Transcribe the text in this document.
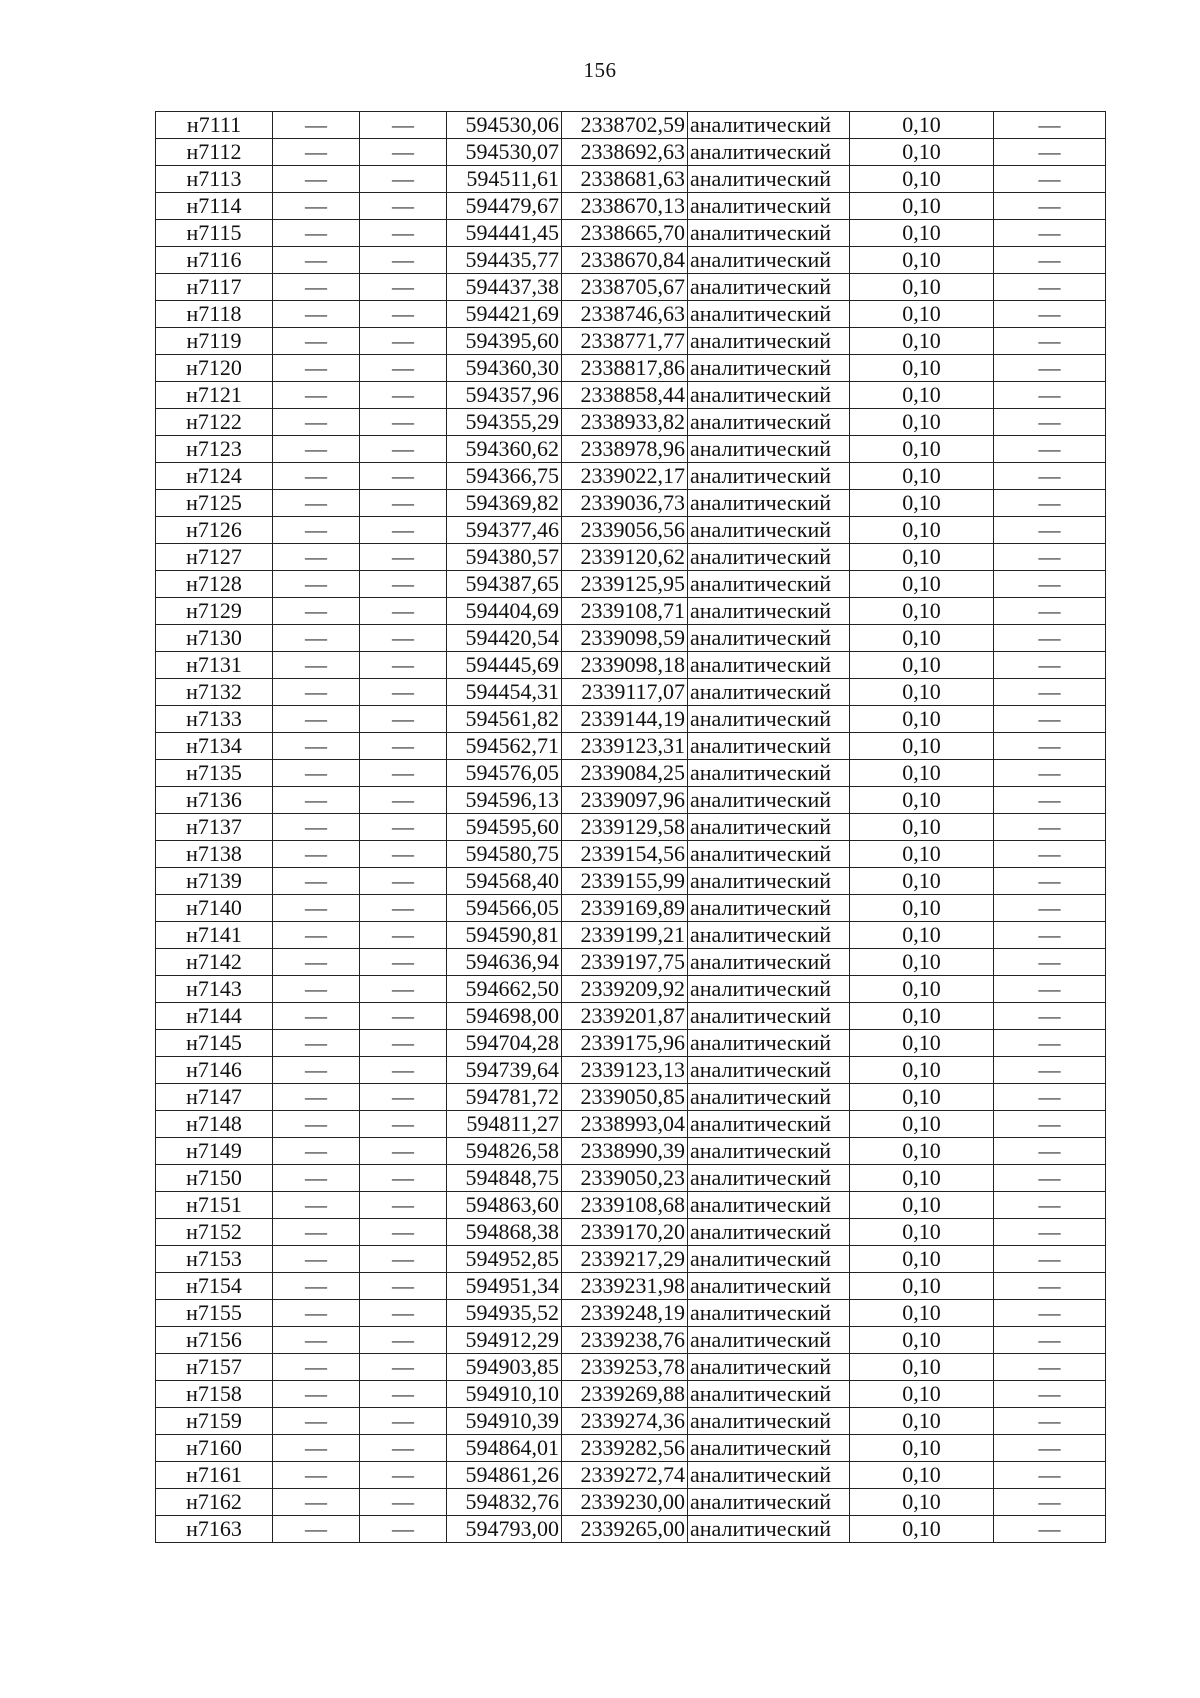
156
н7111	—	—	594530,06	2338702,59	аналитический	0,10	—
н7112	—	—	594530,07	2338692,63	аналитический	0,10	—
н7113	—	—	594511,61	2338681,63	аналитический	0,10	—
н7114	—	—	594479,67	2338670,13	аналитический	0,10	—
н7115	—	—	594441,45	2338665,70	аналитический	0,10	—
н7116	—	—	594435,77	2338670,84	аналитический	0,10	—
н7117	—	—	594437,38	2338705,67	аналитический	0,10	—
н7118	—	—	594421,69	2338746,63	аналитический	0,10	—
н7119	—	—	594395,60	2338771,77	аналитический	0,10	—
н7120	—	—	594360,30	2338817,86	аналитический	0,10	—
н7121	—	—	594357,96	2338858,44	аналитический	0,10	—
н7122	—	—	594355,29	2338933,82	аналитический	0,10	—
н7123	—	—	594360,62	2338978,96	аналитический	0,10	—
н7124	—	—	594366,75	2339022,17	аналитический	0,10	—
н7125	—	—	594369,82	2339036,73	аналитический	0,10	—
н7126	—	—	594377,46	2339056,56	аналитический	0,10	—
н7127	—	—	594380,57	2339120,62	аналитический	0,10	—
н7128	—	—	594387,65	2339125,95	аналитический	0,10	—
н7129	—	—	594404,69	2339108,71	аналитический	0,10	—
н7130	—	—	594420,54	2339098,59	аналитический	0,10	—
н7131	—	—	594445,69	2339098,18	аналитический	0,10	—
н7132	—	—	594454,31	2339117,07	аналитический	0,10	—
н7133	—	—	594561,82	2339144,19	аналитический	0,10	—
н7134	—	—	594562,71	2339123,31	аналитический	0,10	—
н7135	—	—	594576,05	2339084,25	аналитический	0,10	—
н7136	—	—	594596,13	2339097,96	аналитический	0,10	—
н7137	—	—	594595,60	2339129,58	аналитический	0,10	—
н7138	—	—	594580,75	2339154,56	аналитический	0,10	—
н7139	—	—	594568,40	2339155,99	аналитический	0,10	—
н7140	—	—	594566,05	2339169,89	аналитический	0,10	—
н7141	—	—	594590,81	2339199,21	аналитический	0,10	—
н7142	—	—	594636,94	2339197,75	аналитический	0,10	—
н7143	—	—	594662,50	2339209,92	аналитический	0,10	—
н7144	—	—	594698,00	2339201,87	аналитический	0,10	—
н7145	—	—	594704,28	2339175,96	аналитический	0,10	—
н7146	—	—	594739,64	2339123,13	аналитический	0,10	—
н7147	—	—	594781,72	2339050,85	аналитический	0,10	—
н7148	—	—	594811,27	2338993,04	аналитический	0,10	—
н7149	—	—	594826,58	2338990,39	аналитический	0,10	—
н7150	—	—	594848,75	2339050,23	аналитический	0,10	—
н7151	—	—	594863,60	2339108,68	аналитический	0,10	—
н7152	—	—	594868,38	2339170,20	аналитический	0,10	—
н7153	—	—	594952,85	2339217,29	аналитический	0,10	—
н7154	—	—	594951,34	2339231,98	аналитический	0,10	—
н7155	—	—	594935,52	2339248,19	аналитический	0,10	—
н7156	—	—	594912,29	2339238,76	аналитический	0,10	—
н7157	—	—	594903,85	2339253,78	аналитический	0,10	—
н7158	—	—	594910,10	2339269,88	аналитический	0,10	—
н7159	—	—	594910,39	2339274,36	аналитический	0,10	—
н7160	—	—	594864,01	2339282,56	аналитический	0,10	—
н7161	—	—	594861,26	2339272,74	аналитический	0,10	—
н7162	—	—	594832,76	2339230,00	аналитический	0,10	—
н7163	—	—	594793,00	2339265,00	аналитический	0,10	—
